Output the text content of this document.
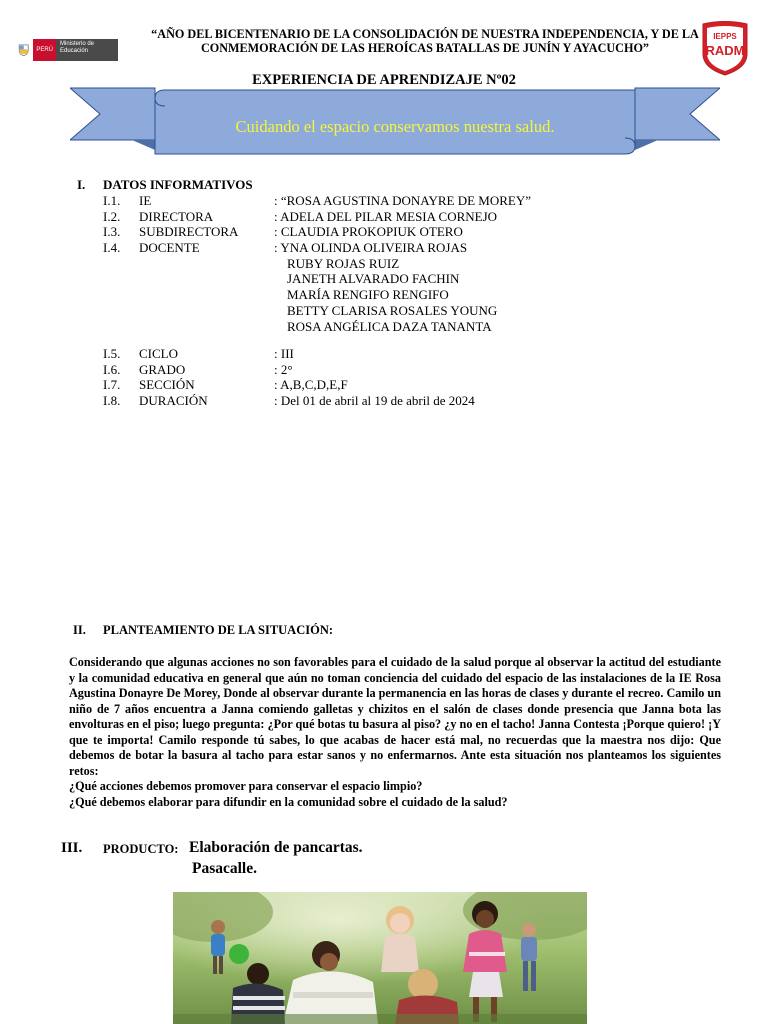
PERÚ
Ministerio de Educación
“AÑO DEL BICENTENARIO DE LA CONSOLIDACIÓN DE NUESTRA INDEPENDENCIA, Y DE LA
CONMEMORACIÓN DE LAS HEROÍCAS BATALLAS DE JUNÍN Y AYACUCHO”
IEPPS
RADM
EXPERIENCIA DE APRENDIZAJE Nº02
Cuidando el espacio conservamos nuestra salud.
I. DATOS INFORMATIVOS
I.1. IE	: “ROSA AGUSTINA DONAYRE DE MOREY”
I.2. DIRECTORA	: ADELA DEL PILAR MESIA CORNEJO
I.3. SUBDIRECTORA	: CLAUDIA PROKOPIUK OTERO
I.4. DOCENTE	: YNA OLINDA OLIVEIRA ROJAS
RUBY ROJAS RUIZ
JANETH ALVARADO FACHIN
MARÍA RENGIFO RENGIFO
BETTY CLARISA ROSALES YOUNG
ROSA ANGÉLICA DAZA TANANTA
I.5. CICLO	: III
I.6. GRADO	: 2°
I.7. SECCIÓN	: A,B,C,D,E,F
I.8. DURACIÓN	: Del 01 de abril al 19 de abril de 2024
II. PLANTEAMIENTO DE LA SITUACIÓN:

Considerando que algunas acciones no son favorables para el cuidado de la salud porque al observar la actitud del estudiante y la comunidad educativa en general que aún no toman conciencia del cuidado del espacio de las instalaciones de la IE Rosa Agustina Donayre De Morey, Donde al observar durante la permanencia en las horas de clases y durante el recreo. Camilo un niño de 7 años encuentra a Janna comiendo galletas y chizitos en el salón de clases donde presencia que Janna bota las envolturas en el piso; luego pregunta: ¿Por qué botas tu basura al piso? ¿y no en el tacho! Janna Contesta ¡Porque quiero! ¡Y que te importa! Camilo responde tú sabes, lo que acabas de hacer está mal, no recuerdas que la maestra nos dijo: Que debemos de botar la basura al tacho para estar sanos y no enfermarnos. Ante esta situación nos planteamos los siguientes retos:

¿Qué acciones debemos promover para conservar el espacio limpio?

¿Qué debemos elaborar para difundir en la comunidad sobre el cuidado de la salud?

III. PRODUCTO: Elaboración de pancartas.
Pasacalle.
